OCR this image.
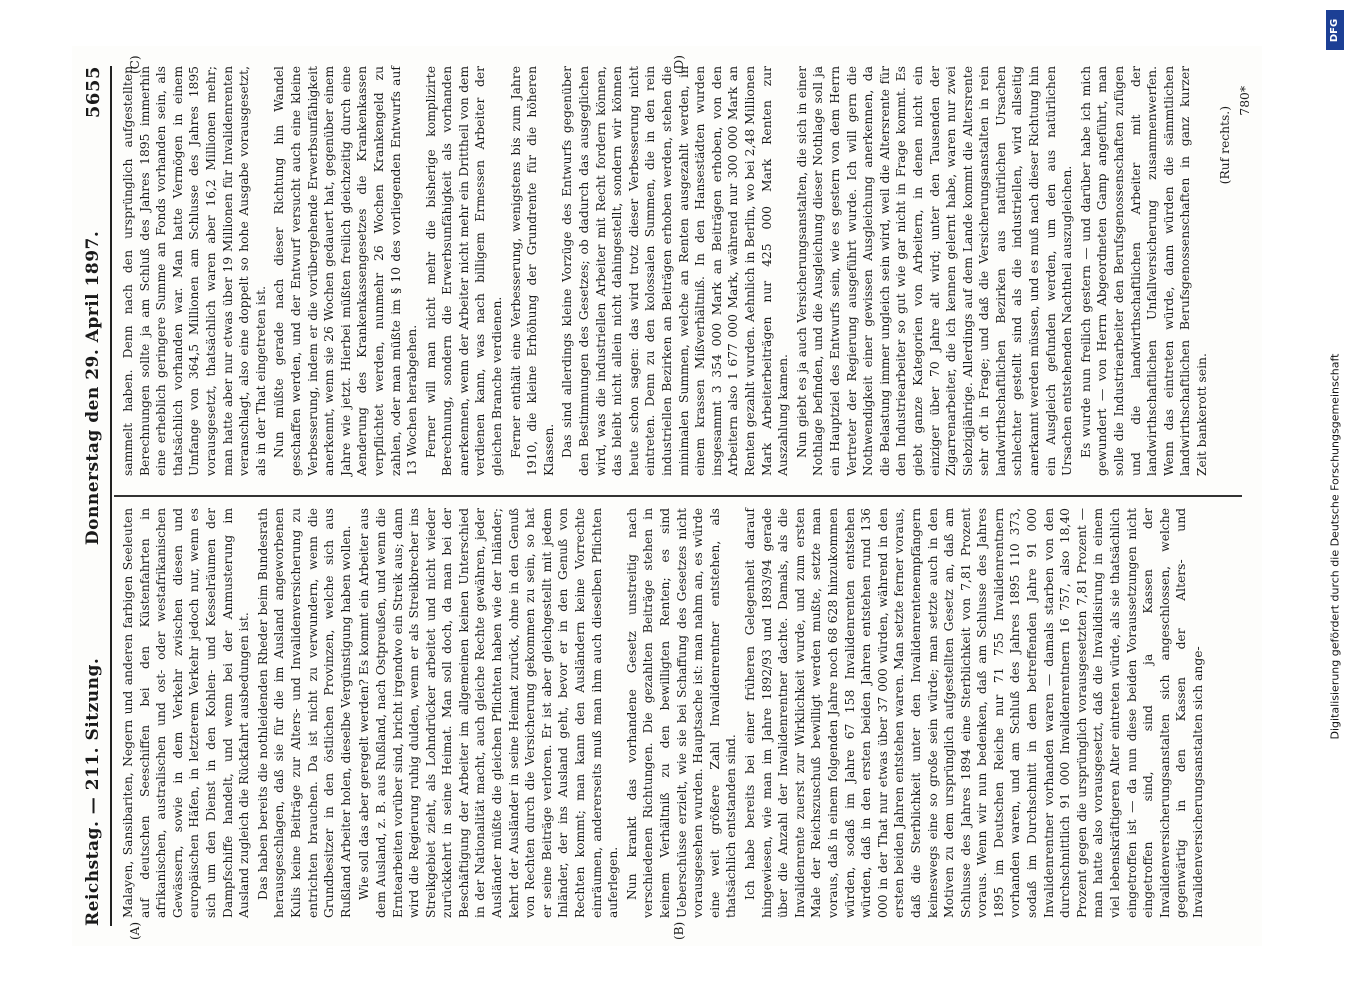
Reichstag. — 211. Sitzung.
Donnerstag den 29. April 1897.
5655
(A)	(B)
(C)	(D)

Malayen, Sansibariten, Negern und anderen farbigen Seeleuten auf deutschen Seeschiffen bei den Küstenfahrten in afrikanischen, australischen und ost- oder westafrikanischen Gewässern, sowie in dem Verkehr zwischen diesen und europäischen Häfen, in letzterem Verkehr jedoch nur, wenn es sich um den Dienst in den Kohlen- und Kesselräumen der Dampfschiffe handelt, und wenn bei der Anmusterung im Ausland zugleich die Rückfahrt ausbedungen ist. Das haben bereits die nothleidenden Rheder beim Bundesrath herausgeschlagen, daß sie für die im Ausland angeworbenen Kulis keine Beiträge zur Alters- und Invalidenversicherung zu entrichten brauchen. Da ist nicht zu verwundern, wenn die Grundbesitzer in den östlichen Provinzen, welche sich aus Rußland Arbeiter holen, dieselbe Vergünstigung haben wollen. Wie soll das aber geregelt werden? Es kommt ein Arbeiter aus dem Ausland, z. B. aus Rußland, nach Ostpreußen, und wenn die Erntearbeiten vorüber sind, bricht irgendwo ein Streik aus; dann wird die Regierung ruhig dulden, wenn er als Streikbrecher ins Streikgebiet zieht, als Lohndrücker arbeitet und nicht wieder zurückkehrt in seine Heimat. Man soll doch, da man bei der Beschäftigung der Arbeiter im allgemeinen keinen Unterschied in der Nationalität macht, auch gleiche Rechte gewähren, jeder Ausländer müßte die gleichen Pflichten haben wie der Inländer; kehrt der Ausländer in seine Heimat zurück, ohne in den Genuß von Rechten durch die Versicherung gekommen zu sein, so hat er seine Beiträge verloren. Er ist aber gleichgestellt mit jedem Inländer, der ins Ausland geht, bevor er in den Genuß von Rechten kommt; man kann den Ausländern keine Vorrechte einräumen, andererseits muß man ihm auch dieselben Pflichten auferlegen. Nun krankt das vorhandene Gesetz unstreitig nach verschiedenen Richtungen. Die gezahlten Beiträge stehen in keinem Verhältniß zu den bewilligten Renten; es sind Ueberschüsse erzielt, wie sie bei Schaffung des Gesetzes nicht vorausgesehen wurden. Hauptsache ist: man nahm an, es würde eine weit größere Zahl Invalidenrentner entstehen, als thatsächlich entstanden sind. Ich habe bereits bei einer früheren Gelegenheit darauf hingewiesen, wie man im Jahre 1892/93 und 1893/94 gerade über die Anzahl der Invalidenrentner dachte. Damals, als die Invalidenrente zuerst zur Wirklichkeit wurde, und zum ersten Male der Reichszuschuß bewilligt werden mußte, setzte man voraus, daß in einem folgenden Jahre noch 68 628 hinzukommen würden, sodaß im Jahre 67 158 Invalidenrenten entstehen würden, daß in den ersten beiden Jahren entstehen rund 136 000 in der That nur etwas über 37 000 würden, während in den ersten beiden Jahren entstehen waren. Man setzte ferner voraus, daß die Sterblichkeit unter den Invalidenrentenempfängern keineswegs eine so große sein würde; man setzte auch in den Motiven zu dem ursprünglich aufgestellten Gesetz an, daß am Schlusse des Jahres 1894 eine Sterblichkeit von 7,81 Prozent voraus. Wenn wir nun bedenken, daß am Schlusse des Jahres 1895 im Deutschen Reiche nur 71 755 Invalidenrentnern vorhanden waren, und am Schluß des Jahres 1895 110 373, sodaß im Durchschnitt in dem betreffenden Jahre 91 000 Invalidenrentner vorhanden waren — damals starben von den durchschnittlich 91 000 Invalidenrentnern 16 757, also 18,40 Prozent gegen die ursprünglich vorausgesetzten 7,81 Prozent — man hatte also vorausgesetzt, daß die Invalidisirung in einem viel lebenskräftigeren Alter eintreten würde, als sie thatsächlich eingetroffen ist — da nun diese beiden Voraussetzungen nicht eingetroffen sind, sind ja Kassen der Invalidenversicherungsanstalten sich angeschlossen, welche gegenwärtig in den Kassen der Alters- und Invalidenversicherungsanstalten sich ange-

sammelt haben. Denn nach den ursprünglich aufgestellten Berechnungen sollte ja am Schluß des Jahres 1895 immerhin eine erheblich geringere Summe an Fonds vorhanden sein, als thatsächlich vorhanden war. Man hatte Vermögen in einem Umfange von 364,5 Millionen am Schlusse des Jahres 1895 vorausgesetzt, thatsächlich waren aber 16,2 Millionen mehr; man hatte aber nur etwas über 19 Millionen für Invalidenrenten veranschlagt, also eine doppelt so hohe Ausgabe vorausgesetzt, als in der That eingetreten ist. Nun müßte gerade nach dieser Richtung hin Wandel geschaffen werden, und der Entwurf versucht auch eine kleine Verbesserung, indem er die vorübergehende Erwerbsunfähigkeit anerkennt, wenn sie 26 Wochen gedauert hat, gegenüber einem Jahre wie jetzt. Hierbei müßten freilich gleichzeitig durch eine Aenderung des Krankenkassengesetzes die Krankenkassen verpflichtet werden, nunmehr 26 Wochen Krankengeld zu zahlen, oder man müßte im § 10 des vorliegenden Entwurfs auf 13 Wochen herabgehen. Ferner will man nicht mehr die bisherige komplizirte Berechnung, sondern die Erwerbsunfähigkeit als vorhanden anerkennen, wenn der Arbeiter nicht mehr ein Drittheil von dem verdienen kann, was nach billigem Ermessen Arbeiter der gleichen Branche verdienen. Ferner enthält eine Verbesserung, wenigstens bis zum Jahre 1910, die kleine Erhöhung der Grundrente für die höheren Klassen. Das sind allerdings kleine Vorzüge des Entwurfs gegenüber den Bestimmungen des Gesetzes; ob dadurch das ausgeglichen wird, was die industriellen Arbeiter mit Recht fordern können, das bleibt nicht allein nicht dahingestellt, sondern wir können heute schon sagen: das wird trotz dieser Verbesserung nicht eintreten. Denn zu den kolossalen Summen, die in den rein industriellen Bezirken an Beiträgen erhoben werden, stehen die minimalen Summen, welche an Renten ausgezahlt werden, in einem krassen Mißverhältniß. In den Hansestädten wurden insgesammt 3 354 000 Mark an Beiträgen erhoben, von den Arbeitern also 1 677 000 Mark, während nur 300 000 Mark an Renten gezahlt wurden. Aehnlich in Berlin, wo bei 2,48 Millionen Mark Arbeiterbeiträgen nur 425 000 Mark Renten zur Auszahlung kamen. Nun giebt es ja auch Versicherungsanstalten, die sich in einer Nothlage befinden, und die Ausgleichung dieser Nothlage soll ja ein Hauptziel des Entwurfs sein, wie es gestern von dem Herrn Vertreter der Regierung ausgeführt wurde. Ich will gern die Nothwendigkeit einer gewissen Ausgleichung anerkennen, da die Belastung immer ungleich sein wird, weil die Altersrente für den Industriearbeiter so gut wie gar nicht in Frage kommt. Es giebt ganze Kategorien von Arbeitern, in denen nicht ein einziger über 70 Jahre alt wird; unter den Tausenden der Zigarrenarbeiter, die ich kennen gelernt habe, waren nur zwei Siebzigjährige. Allerdings auf dem Lande kommt die Altersrente sehr oft in Frage; und daß die Versicherungsanstalten in rein landwirthschaftlichen Bezirken aus natürlichen Ursachen schlechter gestellt sind als die industriellen, wird allseitig anerkannt werden müssen, und es muß nach dieser Richtung hin ein Ausgleich gefunden werden, um den aus natürlichen Ursachen entstehenden Nachtheil auszugleichen. Es wurde nun freilich gestern — und darüber habe ich mich gewundert — von Herrn Abgeordneten Gamp angeführt, man solle die Industriearbeiter den Berufsgenossenschaften zufügen und die landwirthschaftlichen Arbeiter mit der landwirthschaftlichen Unfallversicherung zusammenwerfen. Wenn das eintreten würde, dann würden die sämmtlichen landwirthschaftlichen Berufsgenossenschaften in ganz kurzer Zeit bankerott sein.

(Ruf rechts.)
780*
DFG
Digitalisierung gefördert durch die Deutsche Forschungsgemeinschaft
